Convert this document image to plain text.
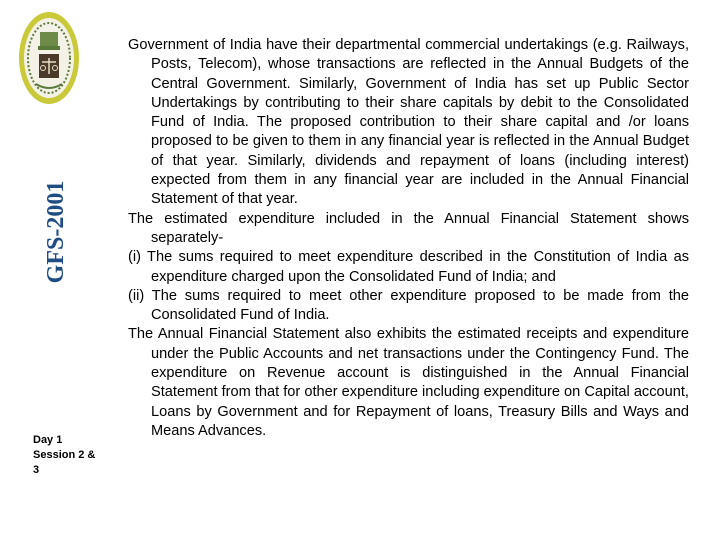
GFS-2001
Day 1
Session 2 &
3

Government of India have their departmental commercial undertakings (e.g. Railways, Posts, Telecom), whose transactions are reflected in the Annual Budgets of the Central Government. Similarly, Government of India has set up Public Sector Undertakings by contributing to their share capitals by debit to the Consolidated Fund of India. The proposed contribution to their share capital and /or loans proposed to be given to them in any financial year is reflected in the Annual Budget of that year. Similarly, dividends and repayment of loans (including interest) expected from them in any financial year are included in the Annual Financial Statement of that year.

The estimated expenditure included in the Annual Financial Statement shows separately-

(i) The sums required to meet expenditure described in the Constitution of India as expenditure charged upon the Consolidated Fund of India; and

(ii) The sums required to meet other expenditure proposed to be made from the Consolidated Fund of India.

The Annual Financial Statement also exhibits the estimated receipts and expenditure under the Public Accounts and net transactions under the Contingency Fund. The expenditure on Revenue account is distinguished in the Annual Financial Statement from that for other expenditure including expenditure on Capital account, Loans by Government and for Repayment of loans, Treasury Bills and Ways and Means Advances.
